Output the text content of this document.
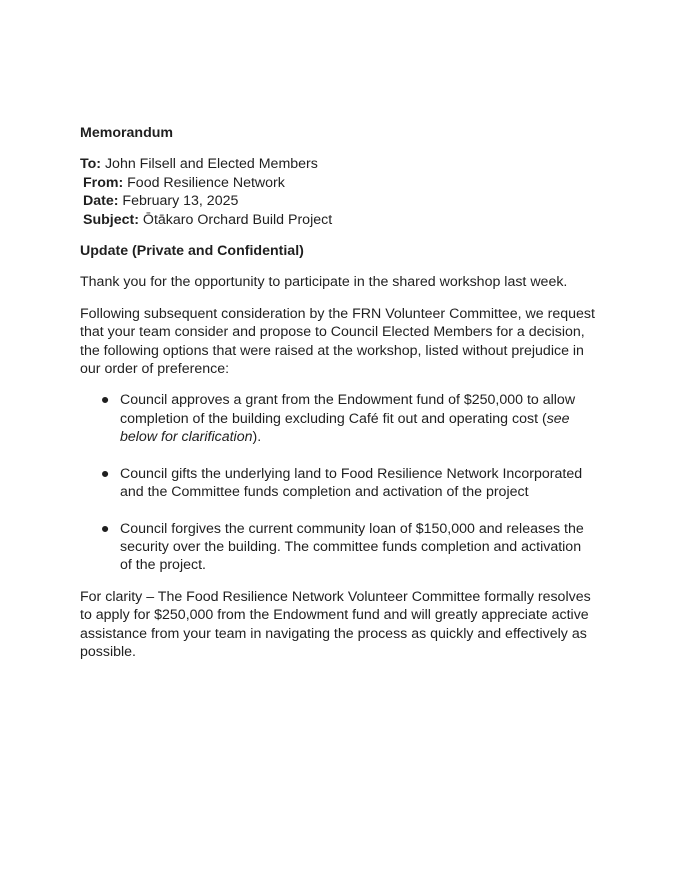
Memorandum
To: John Filsell and Elected Members
From: Food Resilience Network
Date: February 13, 2025
Subject: Ōtākaro Orchard Build Project
Update (Private and Confidential)

Thank you for the opportunity to participate in the shared workshop last week.

Following subsequent consideration by the FRN Volunteer Committee, we request that your team consider and propose to Council Elected Members for a decision, the following options that were raised at the workshop, listed without prejudice in our order of preference:

● Council approves a grant from the Endowment fund of $250,000 to allow completion of the building excluding Café fit out and operating cost (see below for clarification).
● Council gifts the underlying land to Food Resilience Network Incorporated and the Committee funds completion and activation of the project
● Council forgives the current community loan of $150,000 and releases the security over the building. The committee funds completion and activation of the project.

For clarity – The Food Resilience Network Volunteer Committee formally resolves to apply for $250,000 from the Endowment fund and will greatly appreciate active assistance from your team in navigating the process as quickly and effectively as possible.
